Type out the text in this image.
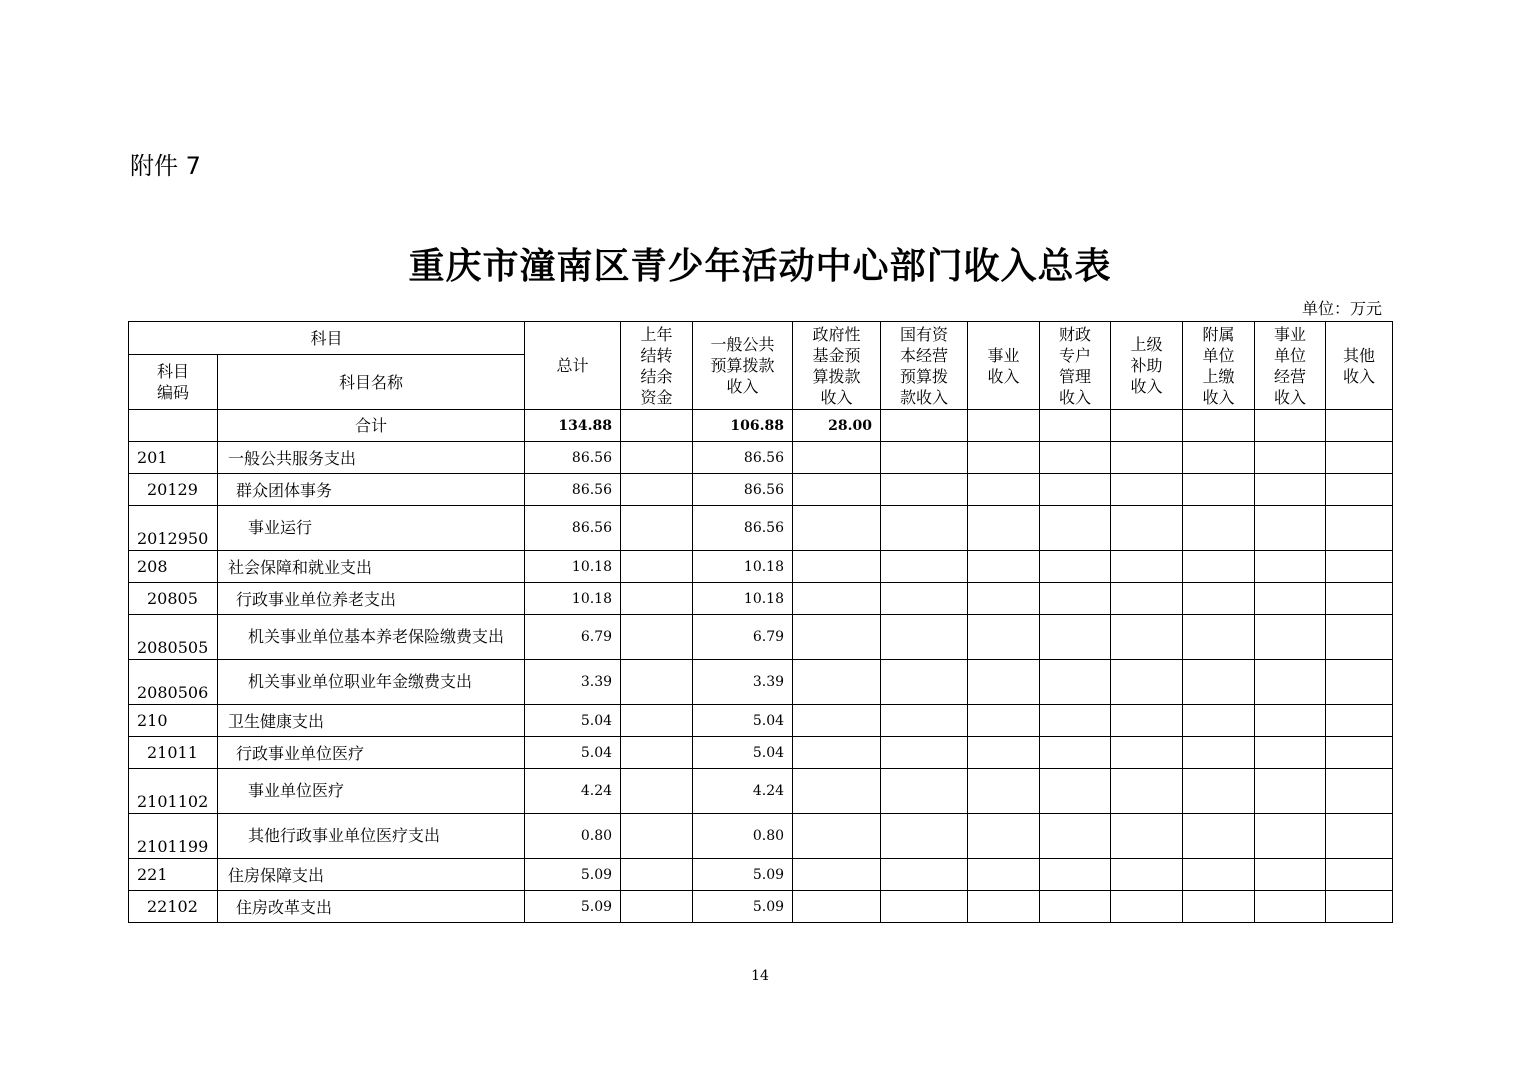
附件 7
重庆市潼南区青少年活动中心部门收入总表
单位：万元
科目		总计	上年结转结余资金	一般公共预算拨款收入	政府性基金预算拨款收入	国有资本经营预算拨款收入	事业收入	财政专户管理收入	上级补助收入	附属单位上缴收入	事业单位经营收入	其他收入

科目编码	科目名称											
	合计	134.88		106.88	28.00							
201	一般公共服务支出	86.56		86.56								
20129	群众团体事务	86.56		86.56								
2012950	事业运行	86.56		86.56								
208	社会保障和就业支出	10.18		10.18								
20805	行政事业单位养老支出	10.18		10.18								
2080505	机关事业单位基本养老保险缴费支出	6.79		6.79								
2080506	机关事业单位职业年金缴费支出	3.39		3.39								
210	卫生健康支出	5.04		5.04								
21011	行政事业单位医疗	5.04		5.04								
2101102	事业单位医疗	4.24		4.24								
2101199	其他行政事业单位医疗支出	0.80		0.80								
221	住房保障支出	5.09		5.09								
22102	住房改革支出	5.09		5.09								
14
